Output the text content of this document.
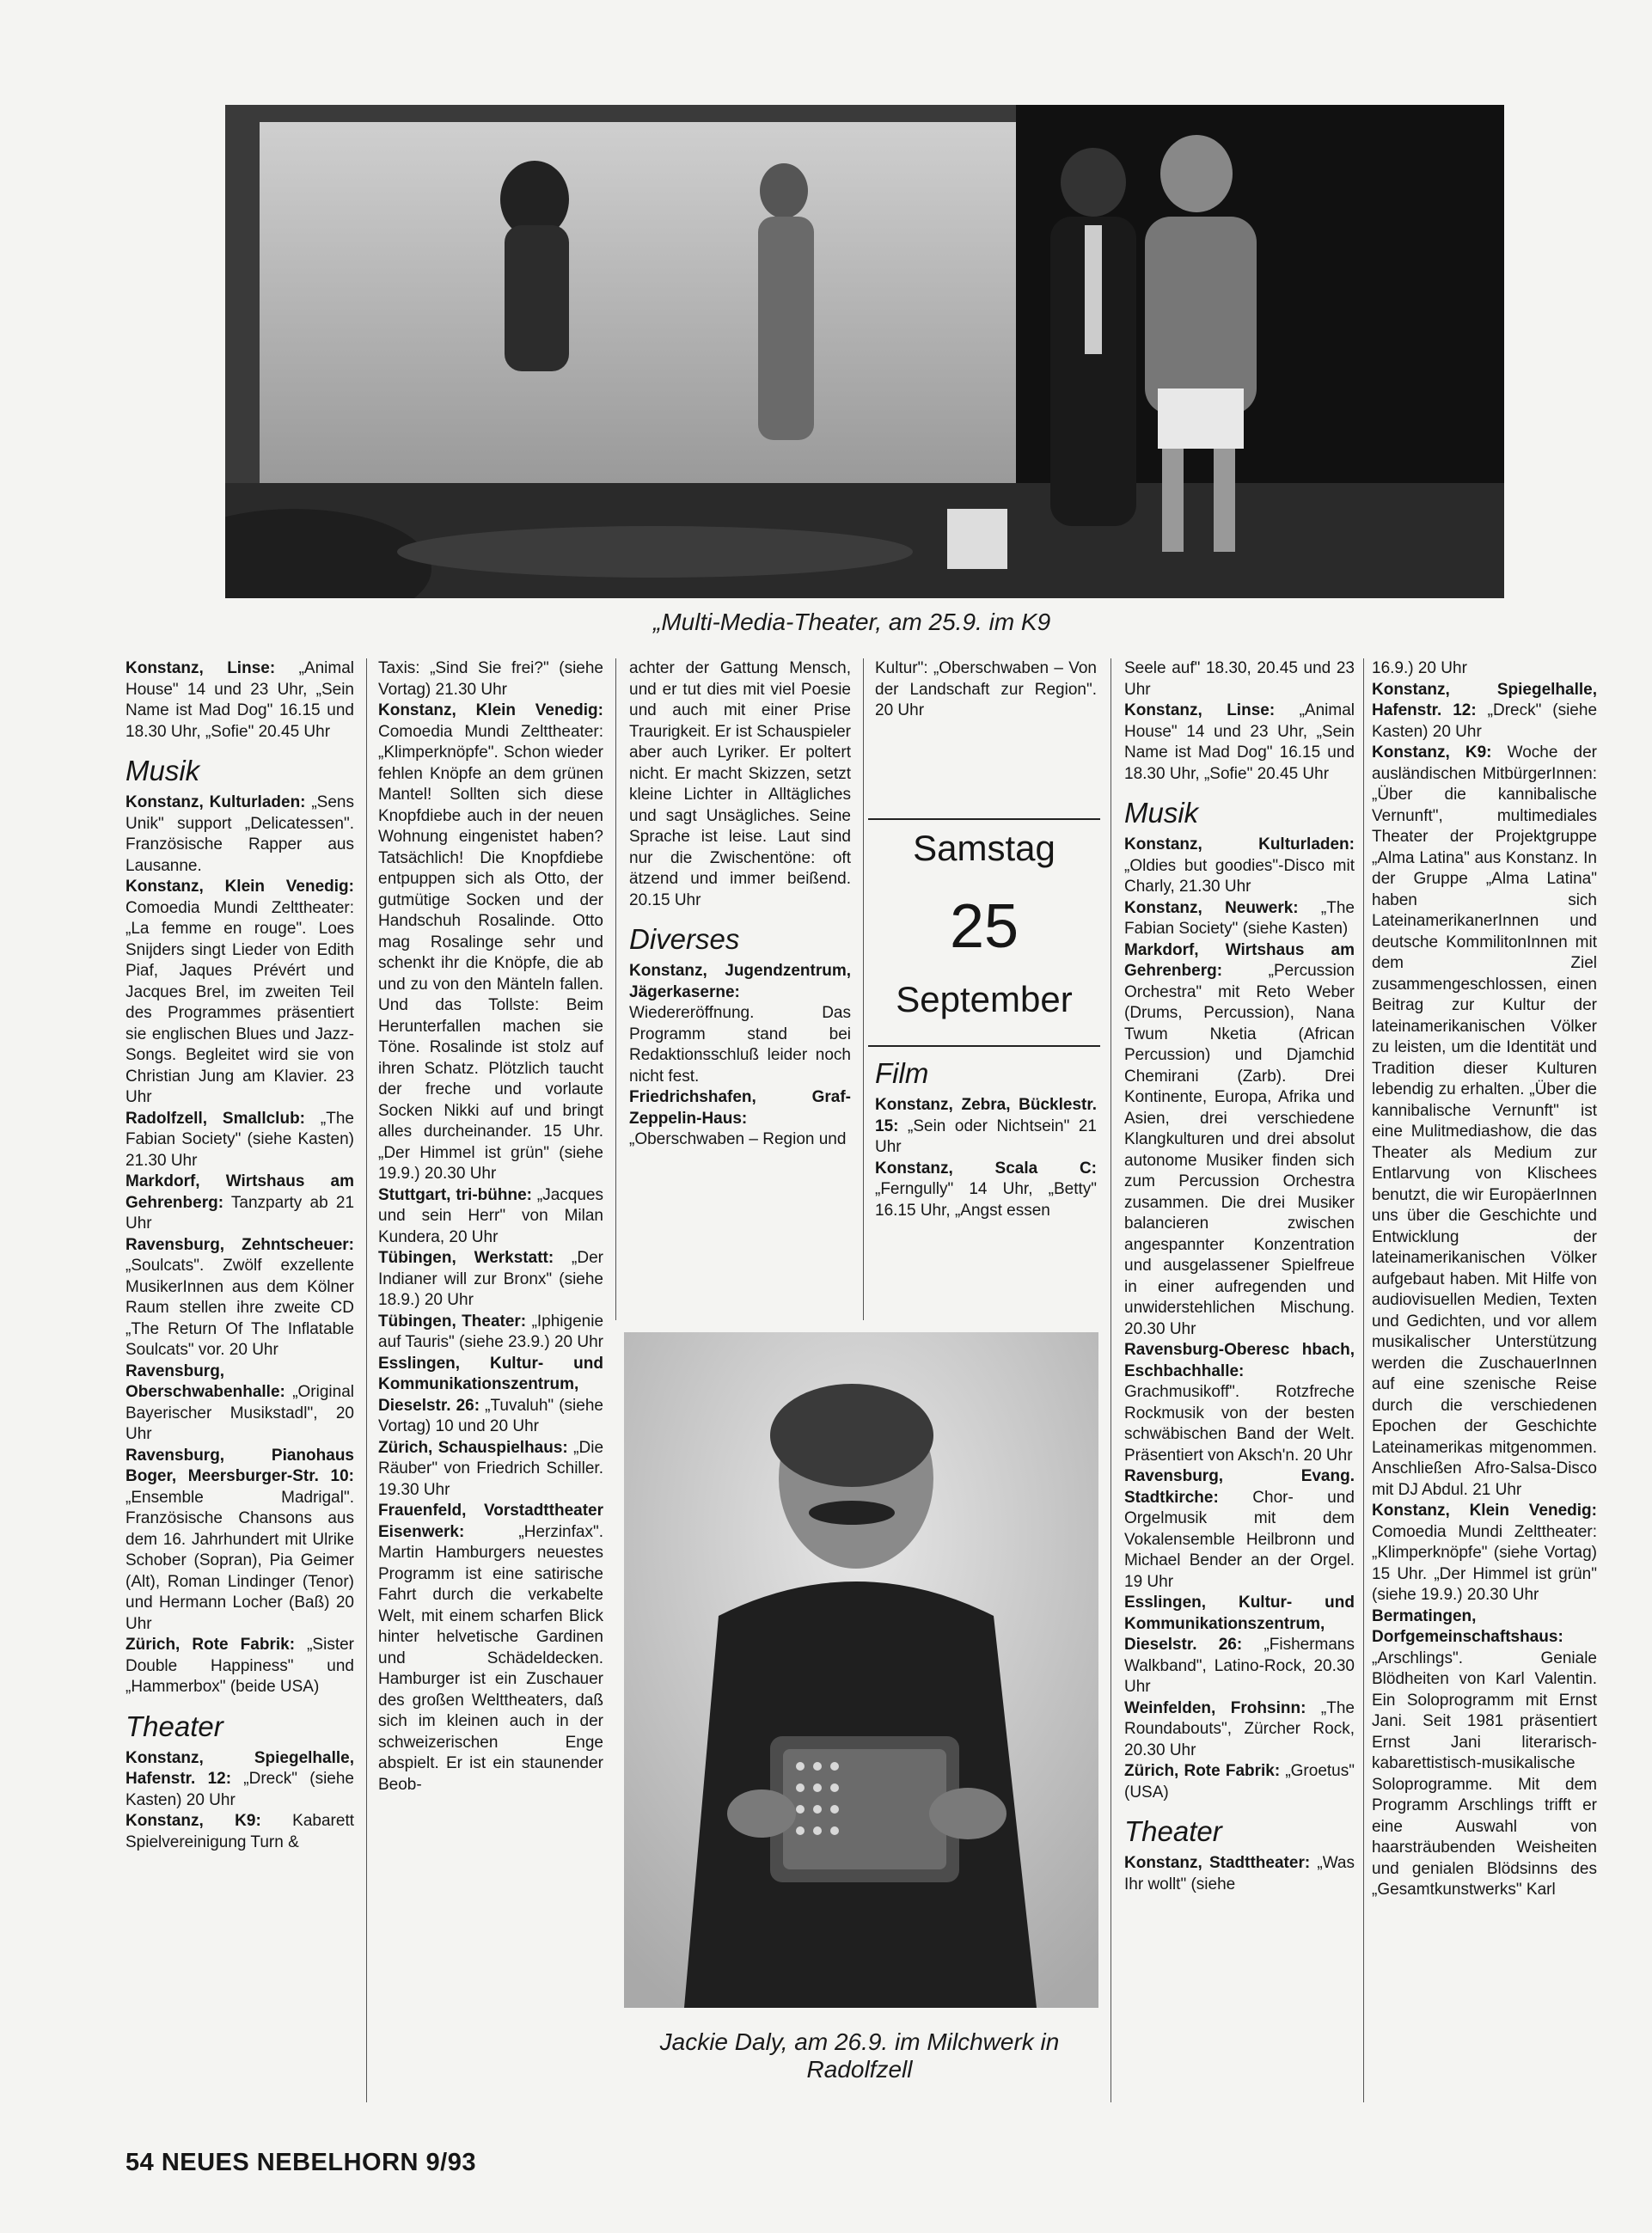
„Multi-Media-Theater, am 25.9. im K9

Konstanz, Linse: „Animal House" 14 und 23 Uhr, „Sein Name ist Mad Dog" 16.15 und 18.30 Uhr, „Sofie" 20.45 Uhr

Musik

Konstanz, Kulturladen: „Sens Unik" support „Delicatessen". Französische Rapper aus Lausanne.

Konstanz, Klein Venedig: Comoedia Mundi Zelttheater: „La femme en rouge". Loes Snijders singt Lieder von Edith Piaf, Jaques Prévért und Jacques Brel, im zweiten Teil des Programmes präsentiert sie englischen Blues und Jazz-Songs. Begleitet wird sie von Christian Jung am Klavier. 23 Uhr

Radolfzell, Smallclub: „The Fabian Society" (siehe Kasten) 21.30 Uhr

Markdorf, Wirtshaus am Gehrenberg: Tanzparty ab 21 Uhr

Ravensburg, Zehntscheuer: „Soulcats". Zwölf exzellente MusikerInnen aus dem Kölner Raum stellen ihre zweite CD „The Return Of The Inflatable Soulcats" vor. 20 Uhr

Ravensburg, Oberschwabenhalle: „Original Bayerischer Musikstadl", 20 Uhr

Ravensburg, Pianohaus Boger, Meersburger-Str. 10: „Ensemble Madrigal". Französische Chansons aus dem 16. Jahrhundert mit Ulrike Schober (Sopran), Pia Geimer (Alt), Roman Lindinger (Tenor) und Hermann Locher (Baß) 20 Uhr

Zürich, Rote Fabrik: „Sister Double Happiness" und „Hammerbox" (beide USA)

Theater

Konstanz, Spiegelhalle, Hafenstr. 12: „Dreck" (siehe Kasten) 20 Uhr

Konstanz, K9: Kabarett Spielvereinigung Turn &

Taxis: „Sind Sie frei?" (siehe Vortag) 21.30 Uhr

Konstanz, Klein Venedig: Comoedia Mundi Zelttheater: „Klimperknöpfe". Schon wieder fehlen Knöpfe an dem grünen Mantel! Sollten sich diese Knopfdiebe auch in der neuen Wohnung eingenistet haben? Tatsächlich! Die Knopfdiebe entpuppen sich als Otto, der gutmütige Socken und der Handschuh Rosalinde. Otto mag Rosalinge sehr und schenkt ihr die Knöpfe, die ab und zu von den Mänteln fallen. Und das Tollste: Beim Herunterfallen machen sie Töne. Rosalinde ist stolz auf ihren Schatz. Plötzlich taucht der freche und vorlaute Socken Nikki auf und bringt alles durcheinander. 15 Uhr. „Der Himmel ist grün" (siehe 19.9.) 20.30 Uhr

Stuttgart, tri-bühne: „Jacques und sein Herr" von Milan Kundera, 20 Uhr

Tübingen, Werkstatt: „Der Indianer will zur Bronx" (siehe 18.9.) 20 Uhr

Tübingen, Theater: „Iphigenie auf Tauris" (siehe 23.9.) 20 Uhr

Esslingen, Kultur- und Kommunikationszentrum, Dieselstr. 26: „Tuvaluh" (siehe Vortag) 10 und 20 Uhr

Zürich, Schauspielhaus: „Die Räuber" von Friedrich Schiller. 19.30 Uhr

Frauenfeld, Vorstadttheater Eisenwerk:	„Herzinfax". Martin Hamburgers neuestes Programm ist eine satirische Fahrt durch die verkabelte Welt, mit einem scharfen Blick hinter helvetische Gardinen und Schädeldecken. Hamburger ist ein Zuschauer des großen Welttheaters, daß sich im kleinen auch in der schweizerischen Enge abspielt. Er ist ein staunender Beob-

achter der Gattung Mensch, und er tut dies mit viel Poesie und auch mit einer Prise Traurigkeit. Er ist Schauspieler aber auch Lyriker. Er poltert nicht. Er macht Skizzen, setzt kleine Lichter in Alltägliches und sagt Unsägliches. Seine Sprache ist leise. Laut sind nur die Zwischentöne: oft ätzend und immer beißend. 20.15 Uhr

Diverses

Konstanz, Jugendzentrum, Jägerkaserne: Wiedereröffnung. Das Programm stand bei Redaktionsschluß leider noch nicht fest.

Friedrichshafen, Graf-Zeppelin-Haus: „Oberschwaben – Region und

Kultur": „Oberschwaben – Von der Landschaft zur Region". 20 Uhr

Samstag
25
September
Film

Konstanz, Zebra, Bücklestr. 15: „Sein oder Nichtsein" 21 Uhr

Konstanz, Scala C: „Ferngully" 14 Uhr, „Betty" 16.15 Uhr, „Angst essen

Jackie Daly, am 26.9. im Milchwerk in Radolfzell

Seele auf" 18.30, 20.45 und 23 Uhr

Konstanz, Linse: „Animal House" 14 und 23 Uhr, „Sein Name ist Mad Dog" 16.15 und 18.30 Uhr, „Sofie" 20.45 Uhr

Musik

Konstanz, Kulturladen: „Oldies but goodies"-Disco mit Charly, 21.30 Uhr

Konstanz, Neuwerk: „The Fabian Society" (siehe Kasten)

Markdorf, Wirtshaus am Gehrenberg:	„Percussion Orchestra" mit Reto Weber (Drums, Percussion), Nana Twum Nketia (African Percussion) und Djamchid Chemirani (Zarb). Drei Kontinente, Europa, Afrika und Asien, drei verschiedene Klangkulturen und drei absolut autonome Musiker finden sich zum Percussion Orchestra zusammen. Die drei Musiker balancieren zwischen angespannter Konzentration und ausgelassener Spielfreue in einer aufregenden und unwiderstehlichen Mischung. 20.30 Uhr

Ravensburg-Oberesc hbach, Eschbachhalle: Grachmusikoff". Rotzfreche Rockmusik von der besten schwäbischen Band der Welt. Präsentiert von Aksch'n. 20 Uhr

Ravensburg, Evang. Stadtkirche: Chor- und Orgelmusik mit dem Vokalensemble Heilbronn und Michael Bender an der Orgel. 19 Uhr

Esslingen, Kultur- und Kommunikationszentrum, Dieselstr. 26: „Fishermans Walkband", Latino-Rock, 20.30 Uhr

Weinfelden, Frohsinn: „The Roundabouts", Zürcher Rock, 20.30 Uhr

Zürich, Rote Fabrik: „Groetus" (USA)

Theater

Konstanz, Stadttheater: „Was Ihr wollt" (siehe

16.9.) 20 Uhr

Konstanz, Spiegelhalle, Hafenstr. 12: „Dreck" (siehe Kasten) 20 Uhr

Konstanz, K9: Woche der ausländischen MitbürgerInnen: „Über die kannibalische Vernunft", multimediales Theater der Projektgruppe „Alma Latina" aus Konstanz. In der Gruppe „Alma Latina" haben sich LateinamerikanerInnen und deutsche KommilitonInnen mit dem Ziel zusammengeschlossen, einen Beitrag zur Kultur der lateinamerikanischen Völker zu leisten, um die Identität und Tradition dieser Kulturen lebendig zu erhalten. „Über die kannibalische Vernunft" ist eine Mulitmediashow, die das Theater als Medium zur Entlarvung von Klischees benutzt, die wir EuropäerInnen uns über die Geschichte und Entwicklung der lateinamerikanischen Völker aufgebaut haben. Mit Hilfe von audiovisuellen Medien, Texten und Gedichten, und vor allem musikalischer Unterstützung werden die ZuschauerInnen auf eine szenische Reise durch die verschiedenen Epochen der Geschichte Lateinamerikas mitgenommen. Anschließen Afro-Salsa-Disco mit DJ Abdul. 21 Uhr

Konstanz, Klein Venedig: Comoedia Mundi Zelttheater: „Klimperknöpfe" (siehe Vortag) 15 Uhr. „Der Himmel ist grün" (siehe 19.9.) 20.30 Uhr

Bermatingen, Dorfgemeinschaftshaus: „Arschlings". Geniale Blödheiten von Karl Valentin. Ein Soloprogramm mit Ernst Jani. Seit 1981 präsentiert Ernst Jani literarisch-kabarettistisch-musikalische Soloprogramme. Mit dem Programm Arschlings trifft er eine Auswahl von haarsträubenden Weisheiten und genialen Blödsinns des „Gesamtkunstwerks" Karl

54 NEUES NEBELHORN 9/93
